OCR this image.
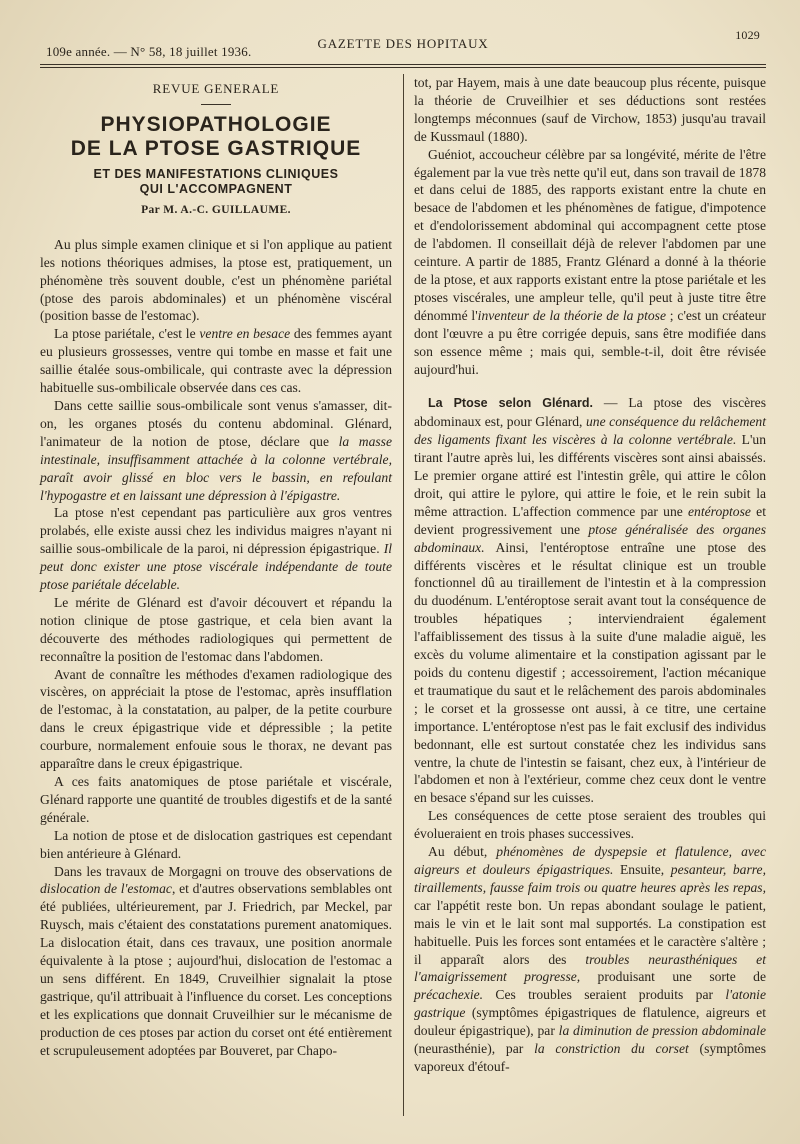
109e année. — N° 58, 18 juillet 1936.
GAZETTE DES HOPITAUX
1029
REVUE GENERALE
PHYSIOPATHOLOGIE
DE LA PTOSE GASTRIQUE
ET DES MANIFESTATIONS CLINIQUES
QUI L'ACCOMPAGNENT
Par M. A.-C. GUILLAUME.

Au plus simple examen clinique et si l'on applique au patient les notions théoriques admises, la ptose est, pratiquement, un phénomène très souvent double, c'est un phénomène pariétal (ptose des parois abdominales) et un phénomène viscéral (position basse de l'estomac).

La ptose pariétale, c'est le ventre en besace des femmes ayant eu plusieurs grossesses, ventre qui tombe en masse et fait une saillie étalée sous-ombilicale, qui contraste avec la dépression habituelle sus-ombilicale observée dans ces cas.

Dans cette saillie sous-ombilicale sont venus s'amasser, dit-on, les organes ptosés du contenu abdominal. Glénard, l'animateur de la notion de ptose, déclare que la masse intestinale, insuffisamment attachée à la colonne vertébrale, paraît avoir glissé en bloc vers le bassin, en refoulant l'hypogastre et en laissant une dépression à l'épigastre.

La ptose n'est cependant pas particulière aux gros ventres prolabés, elle existe aussi chez les individus maigres n'ayant ni saillie sous-ombilicale de la paroi, ni dépression épigastrique. Il peut donc exister une ptose viscérale indépendante de toute ptose pariétale décelable.

Le mérite de Glénard est d'avoir découvert et répandu la notion clinique de ptose gastrique, et cela bien avant la découverte des méthodes radiologiques qui permettent de reconnaître la position de l'estomac dans l'abdomen.

Avant de connaître les méthodes d'examen radiologique des viscères, on appréciait la ptose de l'estomac, après insufflation de l'estomac, à la constatation, au palper, de la petite courbure dans le creux épigastrique vide et dépressible ; la petite courbure, normalement enfouie sous le thorax, ne devant pas apparaître dans le creux épigastrique.

A ces faits anatomiques de ptose pariétale et viscérale, Glénard rapporte une quantité de troubles digestifs et de la santé générale.

La notion de ptose et de dislocation gastriques est cependant bien antérieure à Glénard.

Dans les travaux de Morgagni on trouve des observations de dislocation de l'estomac, et d'autres observations semblables ont été publiées, ultérieurement, par J. Friedrich, par Meckel, par Ruysch, mais c'étaient des constatations purement anatomiques. La dislocation était, dans ces travaux, une position anormale équivalente à la ptose ; aujourd'hui, dislocation de l'estomac a un sens différent. En 1849, Cruveilhier signalait la ptose gastrique, qu'il attribuait à l'influence du corset. Les conceptions et les explications que donnait Cruveilhier sur le mécanisme de production de ces ptoses par action du corset ont été entièrement et scrupuleusement adoptées par Bouveret, par Chapo-

tot, par Hayem, mais à une date beaucoup plus récente, puisque la théorie de Cruveilhier et ses déductions sont restées longtemps méconnues (sauf de Virchow, 1853) jusqu'au travail de Kussmaul (1880).

Guéniot, accoucheur célèbre par sa longévité, mérite de l'être également par la vue très nette qu'il eut, dans son travail de 1878 et dans celui de 1885, des rapports existant entre la chute en besace de l'abdomen et les phénomènes de fatigue, d'impotence et d'endolorissement abdominal qui accompagnent cette ptose de l'abdomen. Il conseillait déjà de relever l'abdomen par une ceinture. A partir de 1885, Frantz Glénard a donné à la théorie de la ptose, et aux rapports existant entre la ptose pariétale et les ptoses viscérales, une ampleur telle, qu'il peut à juste titre être dénommé l'inventeur de la théorie de la ptose ; c'est un créateur dont l'œuvre a pu être corrigée depuis, sans être modifiée dans son essence même ; mais qui, semble-t-il, doit être révisée aujourd'hui.

La Ptose selon Glénard. — La ptose des viscères abdominaux est, pour Glénard, une conséquence du relâchement des ligaments fixant les viscères à la colonne vertébrale. L'un tirant l'autre après lui, les différents viscères sont ainsi abaissés. Le premier organe attiré est l'intestin grêle, qui attire le côlon droit, qui attire le pylore, qui attire le foie, et le rein subit la même attraction. L'affection commence par une entéroptose et devient progressivement une ptose généralisée des organes abdominaux. Ainsi, l'entéroptose entraîne une ptose des différents viscères et le résultat clinique est un trouble fonctionnel dû au tiraillement de l'intestin et à la compression du duodénum. L'entéroptose serait avant tout la conséquence de troubles hépatiques ; interviendraient également l'affaiblissement des tissus à la suite d'une maladie aiguë, les excès du volume alimentaire et la constipation agissant par le poids du contenu digestif ; accessoirement, l'action mécanique et traumatique du saut et le relâchement des parois abdominales ; le corset et la grossesse ont aussi, à ce titre, une certaine importance. L'entéroptose n'est pas le fait exclusif des individus bedonnant, elle est surtout constatée chez les individus sans ventre, la chute de l'intestin se faisant, chez eux, à l'intérieur de l'abdomen et non à l'extérieur, comme chez ceux dont le ventre en besace s'épand sur les cuisses.

Les conséquences de cette ptose seraient des troubles qui évolueraient en trois phases successives.

Au début, phénomènes de dyspepsie et flatulence, avec aigreurs et douleurs épigastriques. Ensuite, pesanteur, barre, tiraillements, fausse faim trois ou quatre heures après les repas, car l'appétit reste bon. Un repas abondant soulage le patient, mais le vin et le lait sont mal supportés. La constipation est habituelle. Puis les forces sont entamées et le caractère s'altère ; il apparaît alors des troubles neurasthéniques et l'amaigrissement progresse, produisant une sorte de précachexie. Ces troubles seraient produits par l'atonie gastrique (symptômes épigastriques de flatulence, aigreurs et douleur épigastrique), par la diminution de pression abdominale (neurasthénie), par la constriction du corset (symptômes vaporeux d'étouf-
